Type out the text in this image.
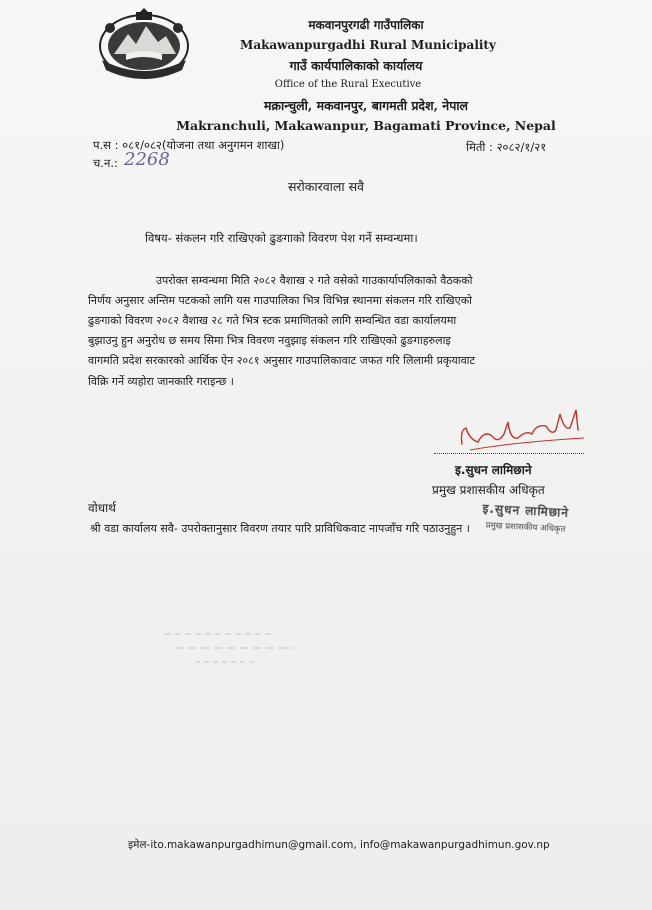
मकवानपुरगढी गाउँपालिका
Makawanpurgadhi Rural Municipality
गाउँ कार्यपालिकाको कार्यालय
Office of the Rural Executive
मक्रान्चुली, मकवानपुर, बागमती प्रदेश, नेपाल
Makranchuli, Makawanpur, Bagamati Province, Nepal
प.स : ०८१/०८२(योजना तथा अनुगमन शाखा)
च.न.: 2268
मिती : २०८२/१/२१
सरोकारवाला सवै
विषय- संकलन गरि राखिएको ढुङगाको विवरण पेश गर्ने सम्वन्धमा।
उपरोक्त सम्वन्धमा मिति २०८२ वैशाख २ गते वसेको गाउकार्यापलिकाको वैठकको
निर्णय अनुसार अन्तिम पटकको लागि यस गाउपालिका भित्र विभिन्न स्थानमा संकलन गरि राखिएको
ढुङगाको विवरण २०८२ वैशाख २८ गते भित्र स्टक प्रमाणितको लागि सम्वन्धित वडा कार्यालयमा
बुझाउनु हुन अनुरोध छ समय सिमा भित्र विवरण नवुझाइ संकलन गरि राखिएको ढुङगाहरुलाइ
वागमति प्रदेश सरकारको आर्थिक ऐन २०८१ अनुसार गाउपालिकावाट जफत गरि लिलामी प्रकृयावाट
विक्रि गर्ने व्यहोरा जानकारि गराइन्छ ।
इ.सुधन लामिछाने
प्रमुख प्रशासकीय अधिकृत
इ.सुधन लामिछाने
प्रमुख प्रशासकीय अधिकृत
वोधार्थ
श्री वडा कार्यालय सवै- उपरोक्तानुसार विवरण तयार पारि प्राविधिकवाट नापजाँच गरि पठाउनुहुन ।
इमेल-ito.makawanpurgadhimun@gmail.com, info@makawanpurgadhimun.gov.np
